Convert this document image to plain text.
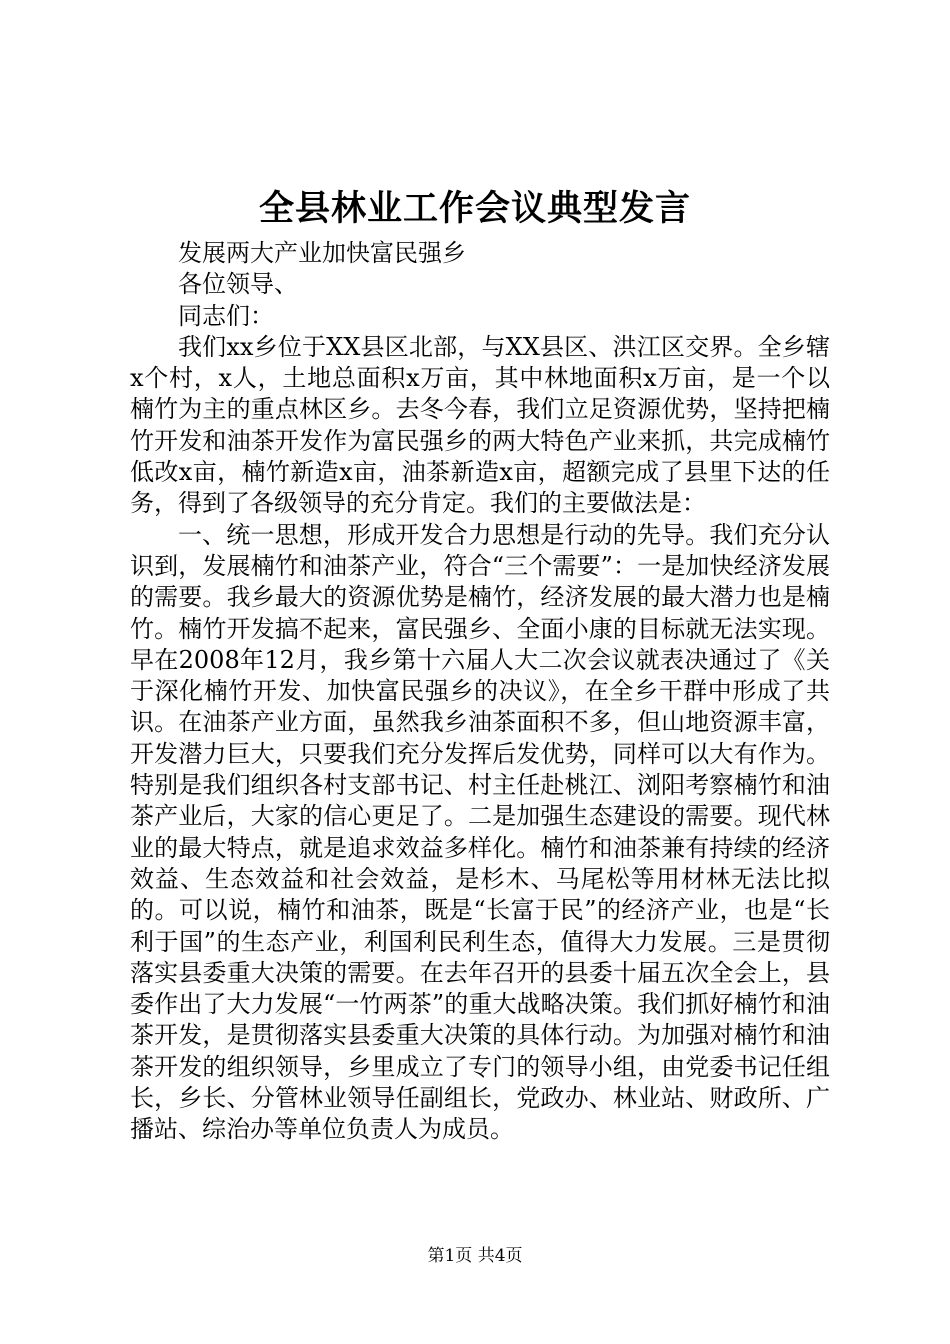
全县林业工作会议典型发言

发展两大产业加快富民强乡

各位领导、

同志们：

我们xx乡位于XX县区北部，与XX县区、洪江区交界。全乡辖x个村，x人，土地总面积x万亩，其中林地面积x万亩，是一个以楠竹为主的重点林区乡。去冬今春，我们立足资源优势，坚持把楠竹开发和油茶开发作为富民强乡的两大特色产业来抓，共完成楠竹低改x亩，楠竹新造x亩，油茶新造x亩，超额完成了县里下达的任务，得到了各级领导的充分肯定。我们的主要做法是：

一、统一思想，形成开发合力思想是行动的先导。我们充分认识到，发展楠竹和油茶产业，符合“三个需要”：一是加快经济发展的需要。我乡最大的资源优势是楠竹，经济发展的最大潜力也是楠竹。楠竹开发搞不起来，富民强乡、全面小康的目标就无法实现。早在2008年12月，我乡第十六届人大二次会议就表决通过了《关于深化楠竹开发、加快富民强乡的决议》，在全乡干群中形成了共识。在油茶产业方面，虽然我乡油茶面积不多，但山地资源丰富，开发潜力巨大，只要我们充分发挥后发优势，同样可以大有作为。特别是我们组织各村支部书记、村主任赴桃江、浏阳考察楠竹和油茶产业后，大家的信心更足了。二是加强生态建设的需要。现代林业的最大特点，就是追求效益多样化。楠竹和油茶兼有持续的经济效益、生态效益和社会效益，是杉木、马尾松等用材林无法比拟的。可以说，楠竹和油茶，既是“长富于民”的经济产业，也是“长利于国”的生态产业，利国利民利生态，值得大力发展。三是贯彻落实县委重大决策的需要。在去年召开的县委十届五次全会上，县委作出了大力发展“一竹两茶”的重大战略决策。我们抓好楠竹和油茶开发，是贯彻落实县委重大决策的具体行动。为加强对楠竹和油茶开发的组织领导，乡里成立了专门的领导小组，由党委书记任组长，乡长、分管林业领导任副组长，党政办、林业站、财政所、广播站、综治办等单位负责人为成员。

第1页 共4页
